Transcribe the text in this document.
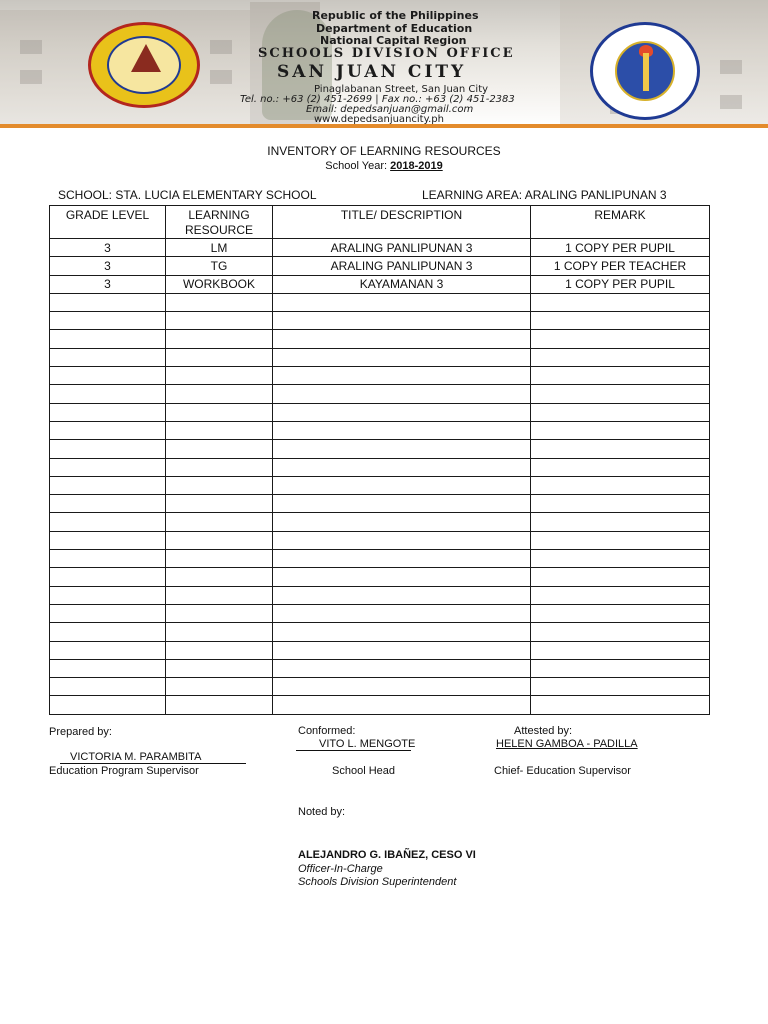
Republic of the Philippines
Department of Education
National Capital Region
SCHOOLS DIVISION OFFICE
SAN JUAN CITY
Pinaglabanan Street, San Juan City
Tel. no.: +63 (2) 451-2699 | Fax no.: +63 (2) 451-2383
Email: depedsanjuan@gmail.com
www.depedsanjuancity.ph
INVENTORY OF LEARNING RESOURCES
School Year: 2018-2019
SCHOOL: STA. LUCIA ELEMENTARY SCHOOL	LEARNING AREA: ARALING PANLIPUNAN 3
GRADE LEVEL	LEARNING RESOURCE	TITLE/ DESCRIPTION	REMARK
3	LM	ARALING PANLIPUNAN 3	1 COPY PER PUPIL
3	TG	ARALING PANLIPUNAN 3	1 COPY PER TEACHER
3	WORKBOOK	KAYAMANAN 3	1 COPY PER PUPIL

Prepared by:
VICTORIA M. PARAMBITA
Education Program Supervisor
Conformed:
VITO L. MENGOTE
School Head
Attested by:
HELEN GAMBOA - PADILLA
Chief- Education Supervisor
Noted by:
ALEJANDRO G. IBAÑEZ, CESO VI
Officer-In-Charge
Schools Division Superintendent
